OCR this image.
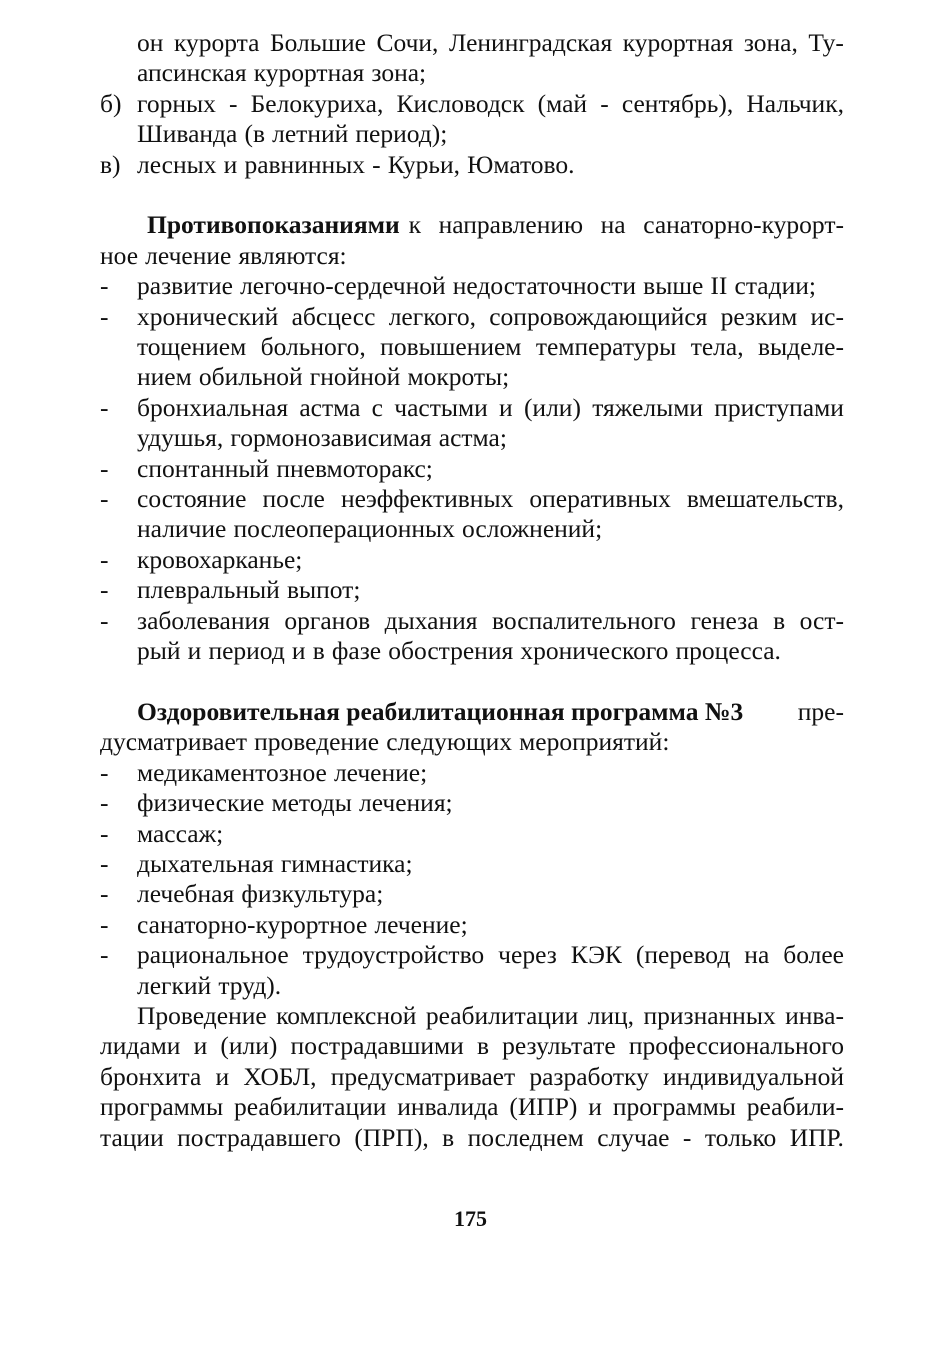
он курорта Большие Сочи, Ленинградская курортная зона, Ту-
апсинская курортная зона;
б) горных - Белокуриха, Кисловодск (май - сентябрь), Нальчик,
Шиванда (в летний период);
в) лесных и равнинных - Курьи, Юматово.
Противопоказаниями к направлению на санаторно-курорт-
ное лечение являются:
-	развитие легочно-сердечной недостаточности выше II стадии;
-	хронический абсцесс легкого, сопровождающийся резким ис-
тощением больного, повышением температуры тела, выделе-
нием обильной гнойной мокроты;
-	бронхиальная астма с частыми и (или) тяжелыми приступами
удушья, гормонозависимая астма;
-	спонтанный пневмоторакс;
-	состояние после неэффективных оперативных вмешательств,
наличие послеоперационных осложнений;
-	кровохарканье;
-	плевральный выпот;
-	заболевания органов дыхания воспалительного генеза в ост-
рый и период и в фазе обострения хронического процесса.
Оздоровительная реабилитационная программа №3 пре-
дусматривает проведение следующих мероприятий:
-	медикаментозное лечение;
-	физические методы лечения;
-	массаж;
-	дыхательная гимнастика;
-	лечебная физкультура;
-	санаторно-курортное лечение;
-	рациональное трудоустройство через КЭК (перевод на более
легкий труд).
Проведение комплексной реабилитации лиц, признанных инва-
лидами и (или) пострадавшими в результате профессионального
бронхита и ХОБЛ, предусматривает разработку индивидуальной
программы реабилитации инвалида (ИПР) и программы реабили-
тации пострадавшего (ПРП), в последнем случае - только ИПР.
175
